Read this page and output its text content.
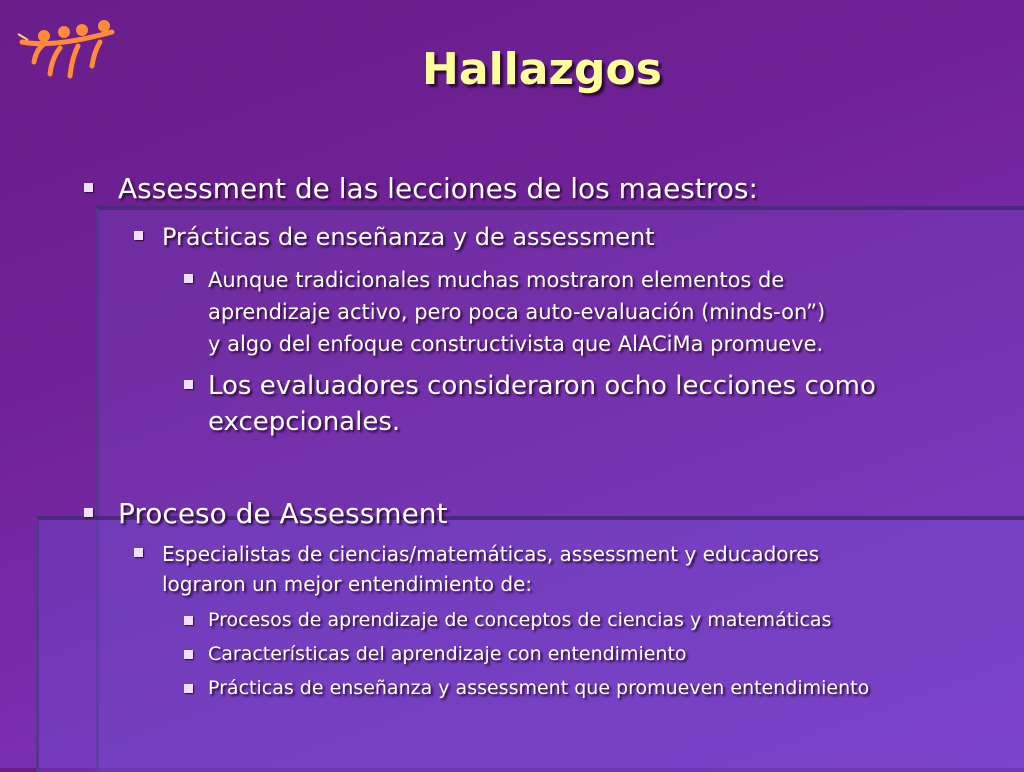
Hallazgos
Assessment de las lecciones de los maestros:
Prácticas de enseñanza y de assessment
Aunque tradicionales muchas mostraron elementos de
aprendizaje activo, pero poca auto-evaluación (minds-on”)
y algo del enfoque constructivista que AlACiMa promueve.
Los evaluadores consideraron ocho lecciones como
excepcionales.
Proceso de Assessment
Especialistas de ciencias/matemáticas, assessment y educadores
lograron un mejor entendimiento de:
Procesos de aprendizaje de conceptos de ciencias y matemáticas
Características del aprendizaje con entendimiento
Prácticas de enseñanza y assessment que promueven entendimiento
